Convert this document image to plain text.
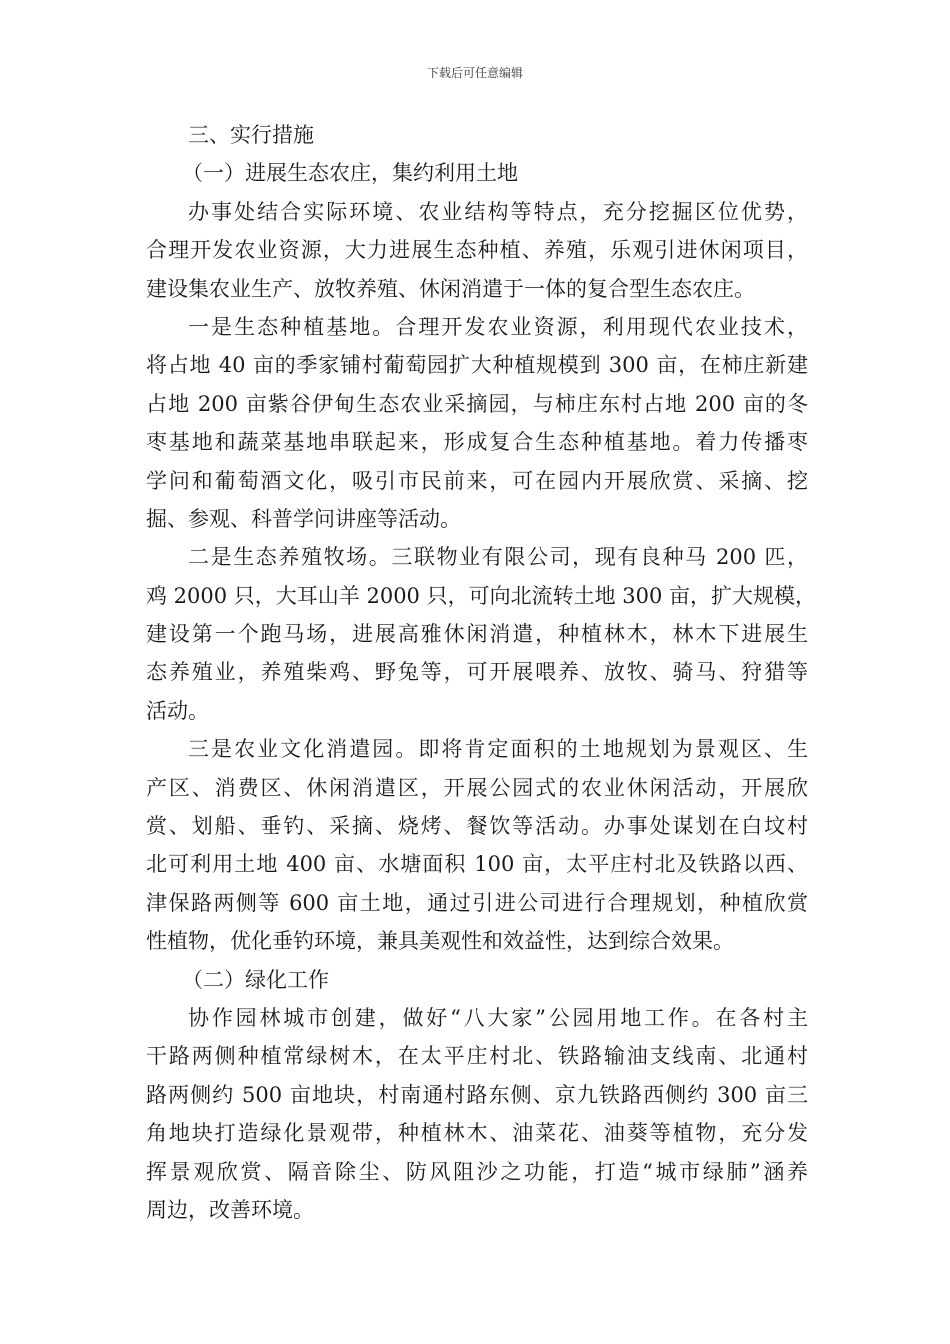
下载后可任意编辑
三、实行措施
（一）进展生态农庄，集约利用土地
办事处结合实际环境、农业结构等特点，充分挖掘区位优势，
合理开发农业资源，大力进展生态种植、养殖，乐观引进休闲项目，
建设集农业生产、放牧养殖、休闲消遣于一体的复合型生态农庄。
一是生态种植基地。合理开发农业资源，利用现代农业技术，
将占地 40 亩的季家铺村葡萄园扩大种植规模到 300 亩，在柿庄新建
占地 200 亩紫谷伊甸生态农业采摘园，与柿庄东村占地 200 亩的冬
枣基地和蔬菜基地串联起来，形成复合生态种植基地。着力传播枣
学问和葡萄酒文化，吸引市民前来，可在园内开展欣赏、采摘、挖
掘、参观、科普学问讲座等活动。
二是生态养殖牧场。三联物业有限公司，现有良种马 200 匹，
鸡 2000 只，大耳山羊 2000 只，可向北流转土地 300 亩，扩大规模，
建设第一个跑马场，进展高雅休闲消遣，种植林木，林木下进展生
态养殖业，养殖柴鸡、野兔等，可开展喂养、放牧、骑马、狩猎等
活动。
三是农业文化消遣园。即将肯定面积的土地规划为景观区、生
产区、消费区、休闲消遣区，开展公园式的农业休闲活动，开展欣
赏、划船、垂钓、采摘、烧烤、餐饮等活动。办事处谋划在白坟村
北可利用土地 400 亩、水塘面积 100 亩，太平庄村北及铁路以西、
津保路两侧等 600 亩土地，通过引进公司进行合理规划，种植欣赏
性植物，优化垂钓环境，兼具美观性和效益性，达到综合效果。
（二）绿化工作
协作园林城市创建，做好“八大家”公园用地工作。在各村主
干路两侧种植常绿树木，在太平庄村北、铁路输油支线南、北通村
路两侧约 500 亩地块，村南通村路东侧、京九铁路西侧约 300 亩三
角地块打造绿化景观带，种植林木、油菜花、油葵等植物，充分发
挥景观欣赏、隔音除尘、防风阻沙之功能，打造“城市绿肺”涵养
周边，改善环境。
